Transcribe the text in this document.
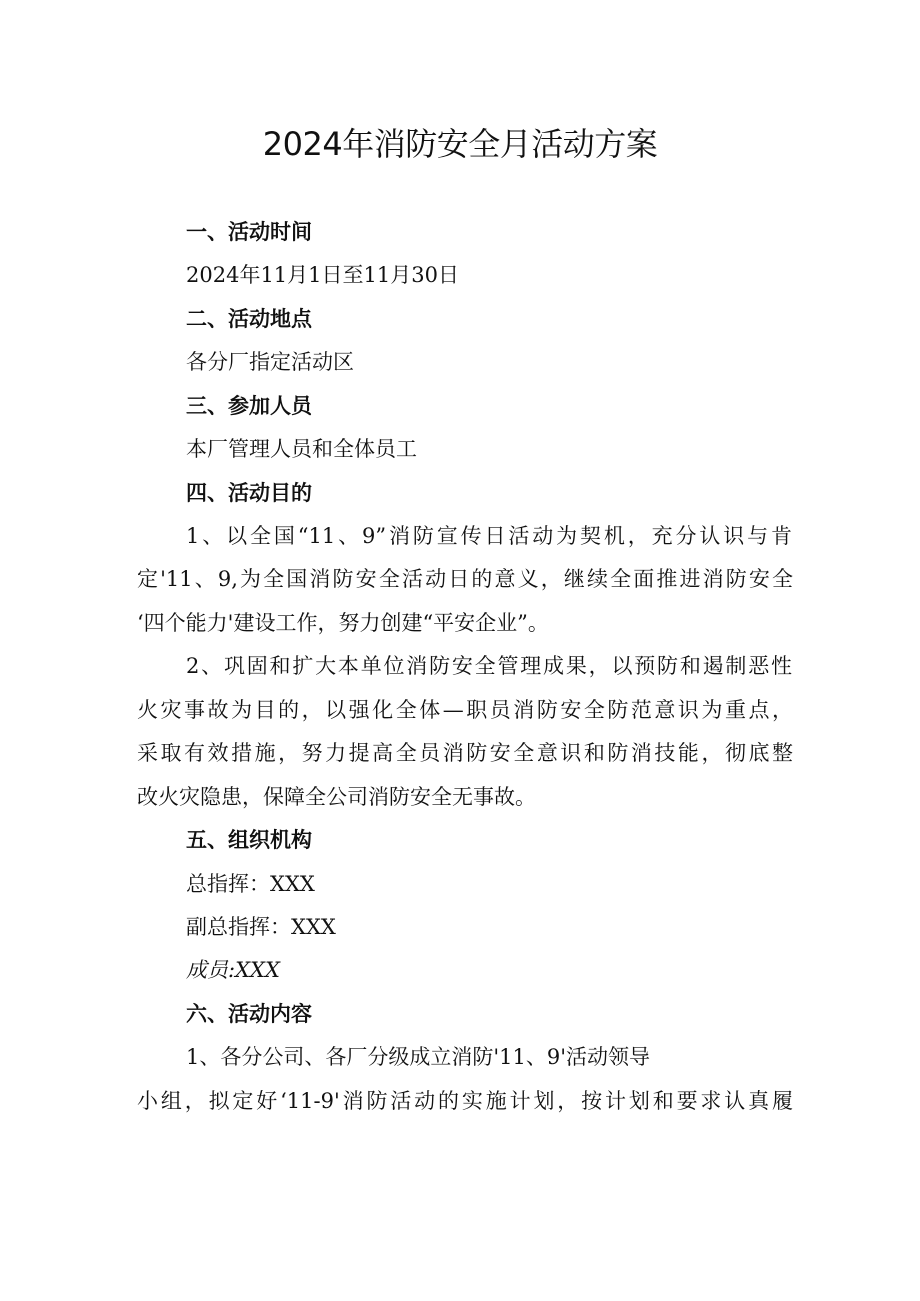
2024年消防安全月活动方案
一、活动时间
2024年11月1日至11月30日
二、活动地点
各分厂指定活动区
三、参加人员
本厂管理人员和全体员工
四、活动目的
1、以全国“11、9”消防宣传日活动为契机，充分认识与肯
定'11、9,为全国消防安全活动日的意义，继续全面推进消防安全
‘四个能力'建设工作，努力创建“平安企业”。
2、巩固和扩大本单位消防安全管理成果，以预防和遏制恶性
火灾事故为目的，以强化全体—职员消防安全防范意识为重点，
采取有效措施，努力提高全员消防安全意识和防消技能，彻底整
改火灾隐患，保障全公司消防安全无事故。
五、组织机构
总指挥：XXX
副总指挥：XXX
成员:XXX
六、活动内容
1、各分公司、各厂分级成立消防'11、9'活动领导
小组，拟定好‘11-9'消防活动的实施计划，按计划和要求认真履
